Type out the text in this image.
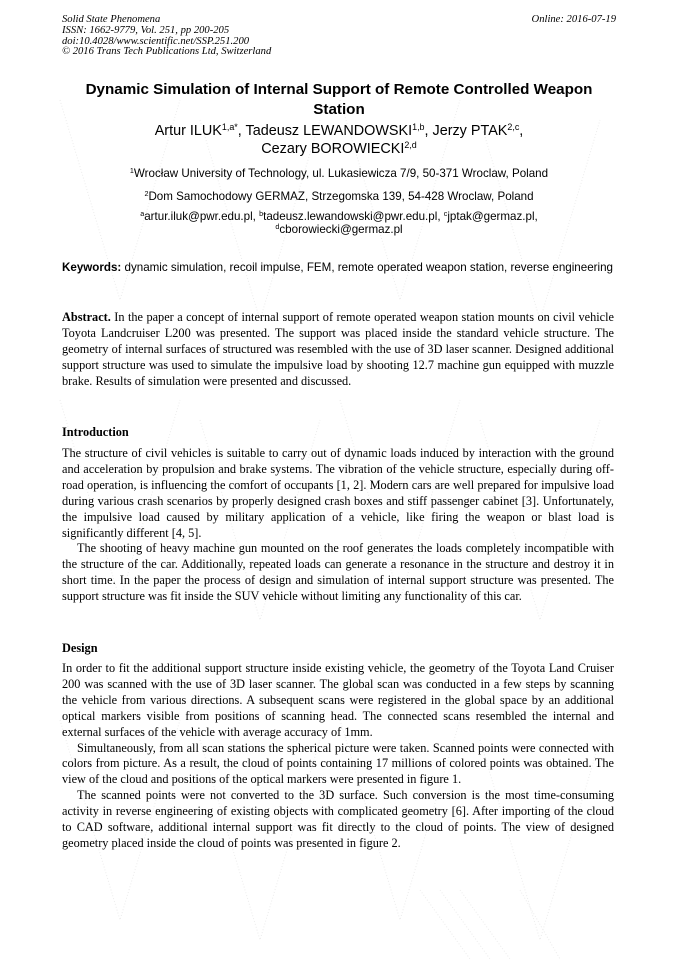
Solid State Phenomena
ISSN: 1662-9779, Vol. 251, pp 200-205
doi:10.4028/www.scientific.net/SSP.251.200
© 2016 Trans Tech Publications Ltd, Switzerland
Online: 2016-07-19
Dynamic Simulation of Internal Support of Remote Controlled Weapon Station
Artur $ILUK^{1,a*}$, Tadeusz LEWANDOWSKI$^{1,b}$, Jerzy PTAK$^{2,c}$,
Cezary BOROWIECKI$^{2,d}$
$^1$Wrocław University of Technology, ul. Lukasiewicza 7/9, 50-371 Wroclaw, Poland
$^2$Dom Samochodowy GERMAZ, Strzegomska 139, 54-428 Wroclaw, Poland
$^a$artur.iluk@pwr.edu.pl, $^b$tadeusz.lewandowski@pwr.edu.pl, $^c$jptak@germaz.pl,
$^d$cborowiecki@germaz.pl
Keywords: dynamic simulation, recoil impulse, FEM, remote operated weapon station, reverse engineering

Abstract. In the paper a concept of internal support of remote operated weapon station mounts on civil vehicle Toyota Landcruiser L200 was presented. The support was placed inside the standard vehicle structure. The geometry of internal surfaces of structured was resembled with the use of 3D laser scanner. Designed additional support structure was used to simulate the impulsive load by shooting 12.7 machine gun equipped with muzzle brake. Results of simulation were presented and discussed.

Introduction

The structure of civil vehicles is suitable to carry out of dynamic loads induced by interaction with the ground and acceleration by propulsion and brake systems. The vibration of the vehicle structure, especially during off-road operation, is influencing the comfort of occupants [1, 2]. Modern cars are well prepared for impulsive load during various crash scenarios by properly designed crash boxes and stiff passenger cabinet [3]. Unfortunately, the impulsive load caused by military application of a vehicle, like firing the weapon or blast load is significantly different [4, 5].

The shooting of heavy machine gun mounted on the roof generates the loads completely incompatible with the structure of the car. Additionally, repeated loads can generate a resonance in the structure and destroy it in short time. In the paper the process of design and simulation of internal support structure was presented. The support structure was fit inside the SUV vehicle without limiting any functionality of this car.

Design

In order to fit the additional support structure inside existing vehicle, the geometry of the Toyota Land Cruiser 200 was scanned with the use of 3D laser scanner. The global scan was conducted in a few steps by scanning the vehicle from various directions. A subsequent scans were registered in the global space by an additional optical markers visible from positions of scanning head. The connected scans resembled the internal and external surfaces of the vehicle with average accuracy of 1mm.

Simultaneously, from all scan stations the spherical picture were taken. Scanned points were connected with colors from picture. As a result, the cloud of points containing 17 millions of colored points was obtained. The view of the cloud and positions of the optical markers were presented in figure 1.

The scanned points were not converted to the 3D surface. Such conversion is the most time-consuming activity in reverse engineering of existing objects with complicated geometry [6]. After importing of the cloud to CAD software, additional internal support was fit directly to the cloud of points. The view of designed geometry placed inside the cloud of points was presented in figure 2.
